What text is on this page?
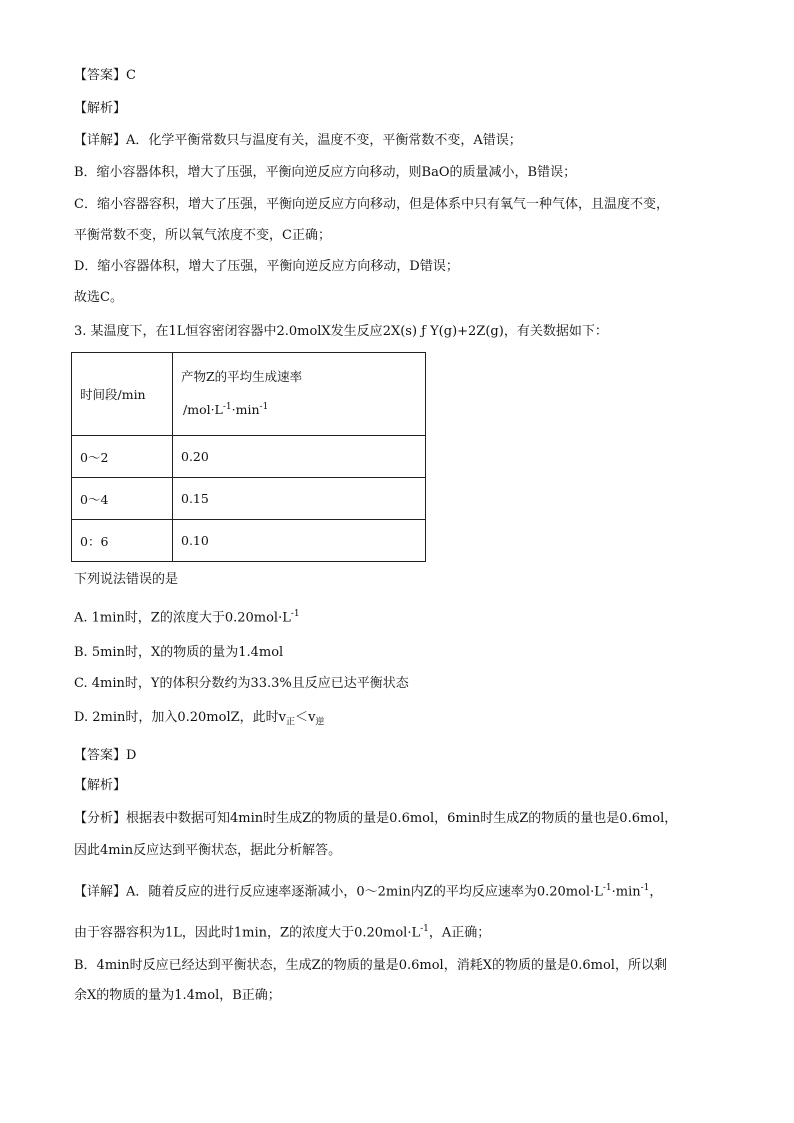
【答案】C
【解析】
【详解】A．化学平衡常数只与温度有关，温度不变，平衡常数不变，A错误；
B．缩小容器体积，增大了压强，平衡向逆反应方向移动，则BaO的质量减小，B错误；
C．缩小容器容积，增大了压强，平衡向逆反应方向移动，但是体系中只有氧气一种气体，且温度不变，
平衡常数不变，所以氧气浓度不变，C正确；
D．缩小容器体积，增大了压强，平衡向逆反应方向移动，D错误；
故选C。
3. 某温度下，在1L恒容密闭容器中2.0molX发生反应2X(s) ƒ Y(g)+2Z(g)，有关数据如下：
时间段/min	产物Z的平均生成速率
$/mol\cdot L^{-1}\cdot\min^{-1}$

0～2	0.20
0～4	0.15
0：6	0.10
下列说法错误的是
A. 1min时，Z的浓度大于$0.20mol\cdot L^{-1}$
B. 5min时，X的物质的量为1.4mol
C. 4min时，Y的体积分数约为33.3%且反应已达平衡状态
D. 2min时，加入0.20molZ，此时$v_正<v_逆$
【答案】D
【解析】
【分析】根据表中数据可知4min时生成Z的物质的量是0.6mol，6min时生成Z的物质的量也是0.6mol，
因此4min反应达到平衡状态，据此分析解答。
【详解】A．随着反应的进行反应速率逐渐减小，0～2min内Z的平均反应速率为$0.20mol\cdot L^{-1}\cdot\min^{-1}$，
由于容器容积为1L，因此时1min，Z的浓度大于$0.20mol\cdot L^{-1}$，A正确；
B．4min时反应已经达到平衡状态，生成Z的物质的量是0.6mol，消耗X的物质的量是0.6mol，所以剩
余X的物质的量为1.4mol，B正确；
